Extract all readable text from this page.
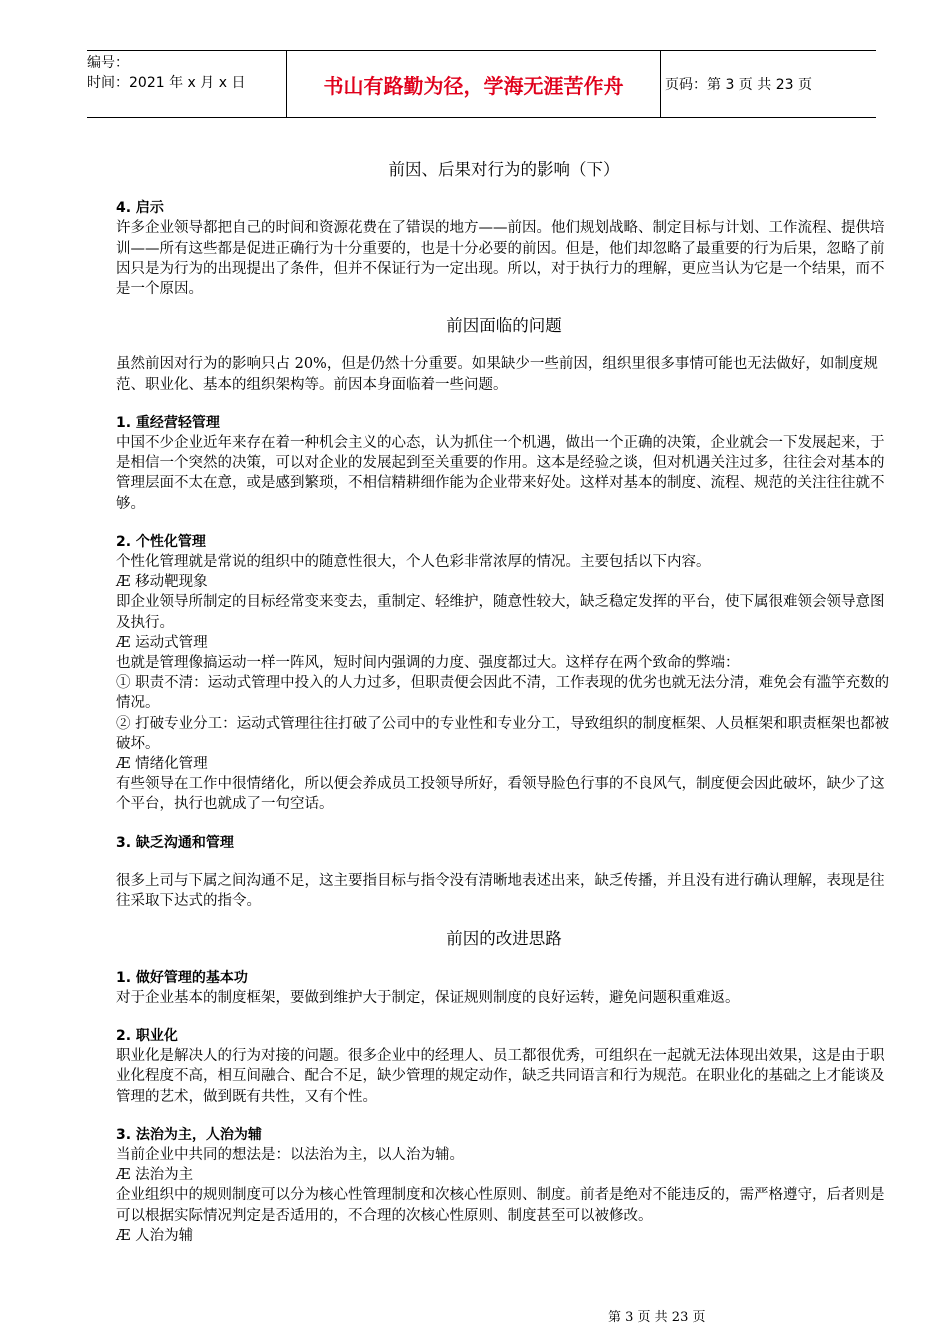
编号：
时间：2021 年 x 月 x 日	书山有路勤为径，学海无涯苦作舟	页码：第 3 页 共 23 页

前因、后果对行为的影响（下）

4. 启示

许多企业领导都把自己的时间和资源花费在了错误的地方——前因。他们规划战略、制定目标与计划、工作流程、提供培训——所有这些都是促进正确行为十分重要的，也是十分必要的前因。但是，他们却忽略了最重要的行为后果，忽略了前因只是为行为的出现提出了条件，但并不保证行为一定出现。所以，对于执行力的理解，更应当认为它是一个结果，而不是一个原因。

前因面临的问题

虽然前因对行为的影响只占 20%，但是仍然十分重要。如果缺少一些前因，组织里很多事情可能也无法做好，如制度规范、职业化、基本的组织架构等。前因本身面临着一些问题。

1. 重经营轻管理

中国不少企业近年来存在着一种机会主义的心态，认为抓住一个机遇，做出一个正确的决策，企业就会一下发展起来，于是相信一个突然的决策，可以对企业的发展起到至关重要的作用。这本是经验之谈，但对机遇关注过多，往往会对基本的管理层面不太在意，或是感到繁琐，不相信精耕细作能为企业带来好处。这样对基本的制度、流程、规范的关注往往就不够。

2. 个性化管理

个性化管理就是常说的组织中的随意性很大，个人色彩非常浓厚的情况。主要包括以下内容。

Æ 移动靶现象

即企业领导所制定的目标经常变来变去，重制定、轻维护，随意性较大，缺乏稳定发挥的平台，使下属很难领会领导意图及执行。

Æ 运动式管理

也就是管理像搞运动一样一阵风，短时间内强调的力度、强度都过大。这样存在两个致命的弊端：

① 职责不清：运动式管理中投入的人力过多，但职责便会因此不清，工作表现的优劣也就无法分清，难免会有滥竽充数的情况。

② 打破专业分工：运动式管理往往打破了公司中的专业性和专业分工，导致组织的制度框架、人员框架和职责框架也都被破坏。

Æ 情绪化管理

有些领导在工作中很情绪化，所以便会养成员工投领导所好，看领导脸色行事的不良风气，制度便会因此破坏，缺少了这个平台，执行也就成了一句空话。

3. 缺乏沟通和管理

很多上司与下属之间沟通不足，这主要指目标与指令没有清晰地表述出来，缺乏传播，并且没有进行确认理解，表现是往往采取下达式的指令。

前因的改进思路

1. 做好管理的基本功

对于企业基本的制度框架，要做到维护大于制定，保证规则制度的良好运转，避免问题积重难返。

2. 职业化

职业化是解决人的行为对接的问题。很多企业中的经理人、员工都很优秀，可组织在一起就无法体现出效果，这是由于职业化程度不高，相互间融合、配合不足，缺少管理的规定动作，缺乏共同语言和行为规范。在职业化的基础之上才能谈及管理的艺术，做到既有共性，又有个性。

3. 法治为主，人治为辅

当前企业中共同的想法是：以法治为主，以人治为辅。

Æ 法治为主

企业组织中的规则制度可以分为核心性管理制度和次核心性原则、制度。前者是绝对不能违反的，需严格遵守，后者则是可以根据实际情况判定是否适用的，不合理的次核心性原则、制度甚至可以被修改。

Æ 人治为辅

第 3 页 共 23 页
